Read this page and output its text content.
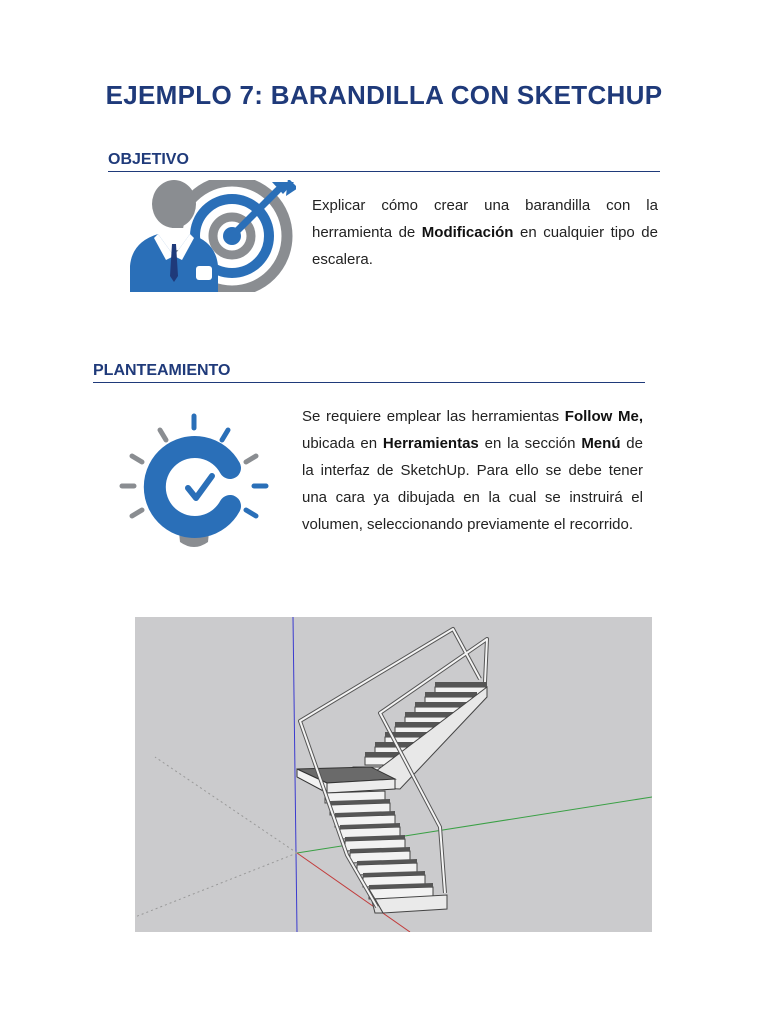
EJEMPLO 7: BARANDILLA CON SKETCHUP
OBJETIVO
Explicar cómo crear una barandilla con la herramienta de Modificación en cualquier tipo de escalera.
PLANTEAMIENTO
Se requiere emplear las herramientas Follow Me, ubicada en Herramientas en la sección Menú de la interfaz de SketchUp. Para ello se debe tener una cara ya dibujada en la cual se instruirá el volumen, seleccionando previamente el recorrido.
